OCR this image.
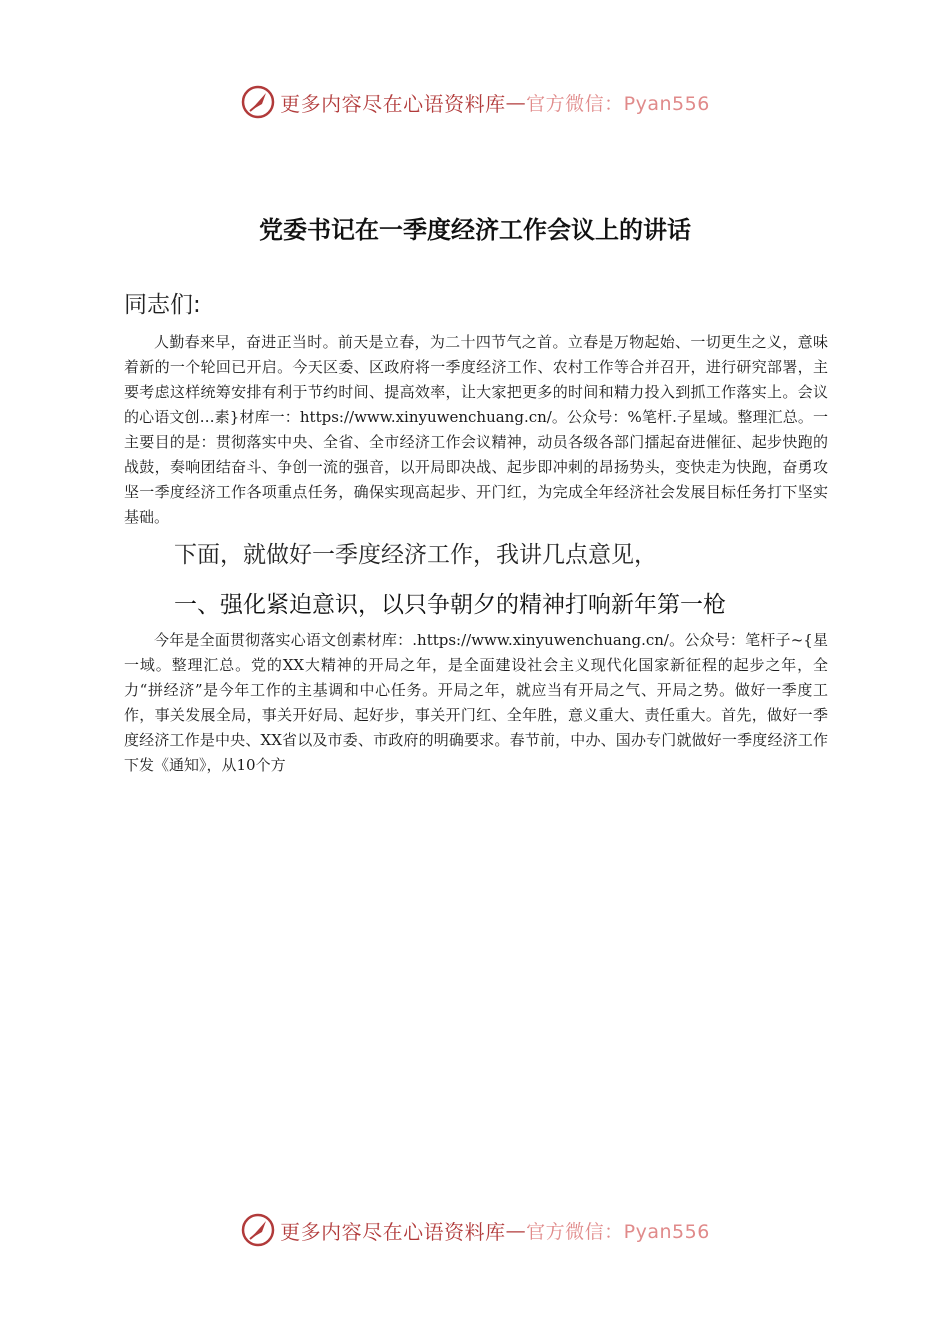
更多内容尽在心语资料库 — 官方微信：Pyan556
党委书记在一季度经济工作会议上的讲话
同志们:

人勤春来早，奋进正当时。前天是立春，为二十四节气之首。立春是万物起始、一切更生之义，意味着新的一个轮回已开启。今天区委、区政府将一季度经济工作、农村工作等合并召开，进行研究部署，主要考虑这样统筹安排有利于节约时间、提高效率，让大家把更多的时间和精力投入到抓工作落实上。会议的心语文创…素}材库一：https://www.xinyuwenchuang.cn/。公众号：%笔杆.子星域。整理汇总。一主要目的是：贯彻落实中央、全省、全市经济工作会议精神，动员各级各部门擂起奋进催征、起步快跑的战鼓，奏响团结奋斗、争创一流的强音，以开局即决战、起步即冲刺的昂扬势头，变快走为快跑，奋勇攻坚一季度经济工作各项重点任务，确保实现高起步、开门红，为完成全年经济社会发展目标任务打下坚实基础。

下面，就做好一季度经济工作，我讲几点意见，
一、强化紧迫意识，以只争朝夕的精神打响新年第一枪

今年是全面贯彻落实心语文创素材库：.https://www.xinyuwenchuang.cn/。公众号：笔杆子~{星一域。整理汇总。党的XX大精神的开局之年，是全面建设社会主义现代化国家新征程的起步之年，全力“拼经济”是今年工作的主基调和中心任务。开局之年，就应当有开局之气、开局之势。做好一季度工作，事关发展全局，事关开好局、起好步，事关开门红、全年胜，意义重大、责任重大。首先，做好一季度经济工作是中央、XX省以及市委、市政府的明确要求。春节前，中办、国办专门就做好一季度经济工作下发《通知》，从10个方

更多内容尽在心语资料库 — 官方微信：Pyan556
